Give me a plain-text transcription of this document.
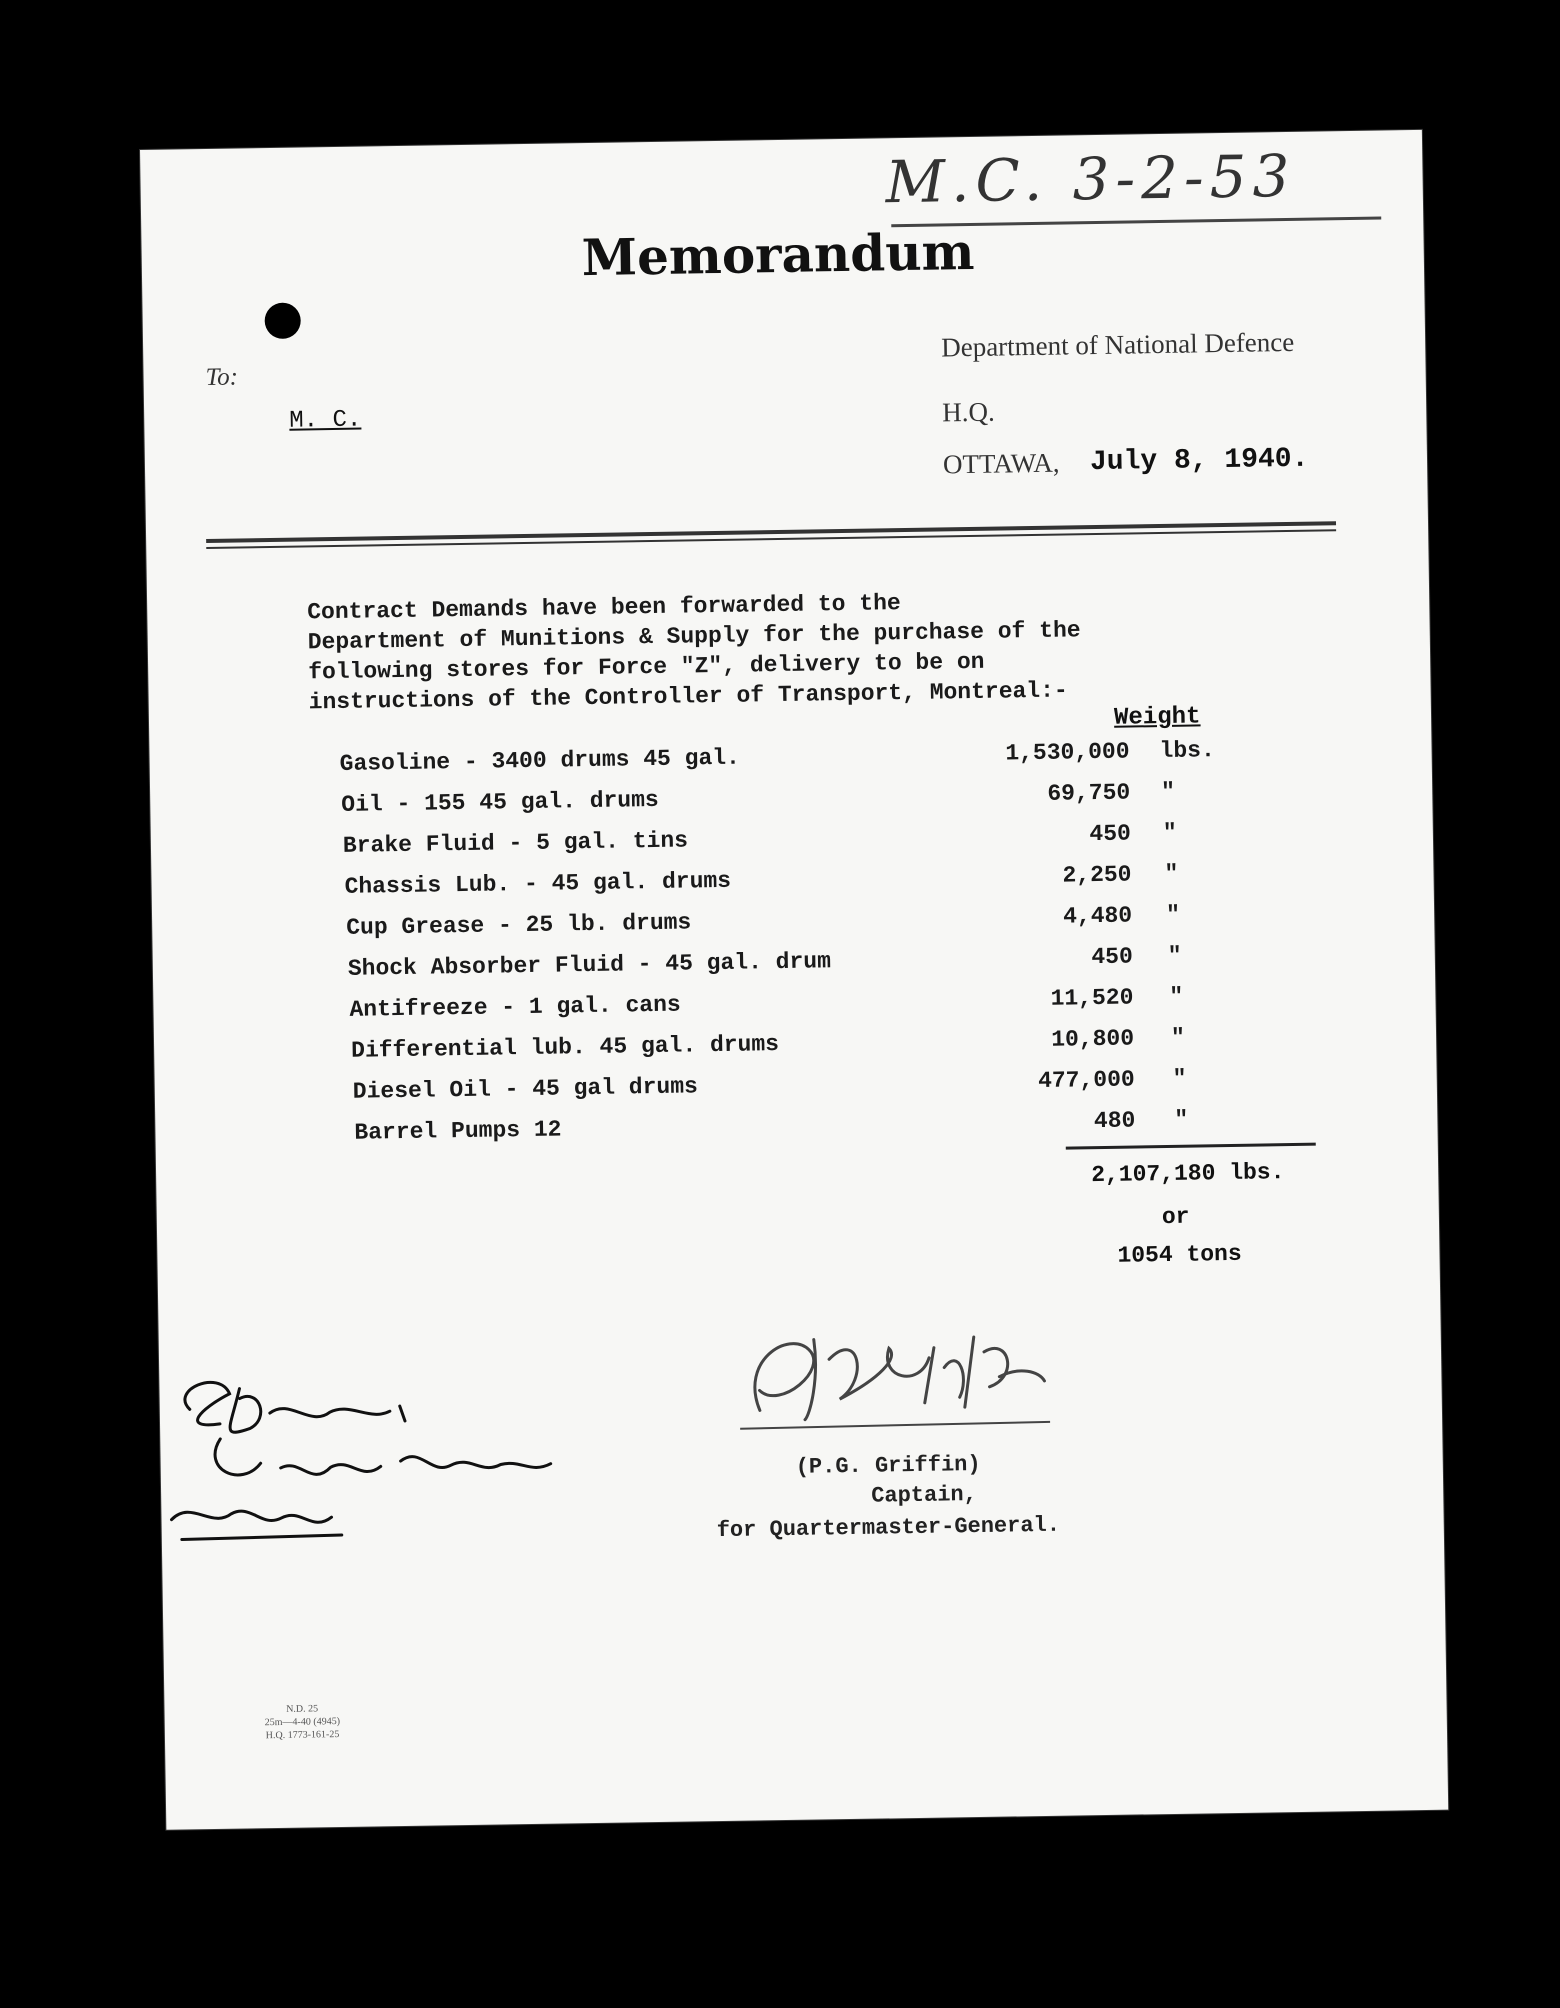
M.C. 3-2-53
Memorandum
To:
M. C.
Department of National Defence
H.Q.
OTTAWA, July 8, 1940.
Contract Demands have been forwarded to the
Department of Munitions & Supply for the purchase of the
following stores for Force "Z", delivery to be on
instructions of the Controller of Transport, Montreal:-
Weight
Gasoline - 3400 drums 45 gal.	1,530,000 lbs.
Oil - 155 45 gal. drums	69,750 "
Brake Fluid - 5 gal. tins	450 "
Chassis Lub. - 45 gal. drums	2,250 "
Cup Grease - 25 lb. drums	4,480 "
Shock Absorber Fluid - 45 gal. drum	450 "
Antifreeze - 1 gal. cans	11,520 "
Differential lub. 45 gal. drums	10,800 "
Diesel Oil - 45 gal drums	477,000 "
Barrel Pumps 12	480 "
2,107,180 lbs.
or
1054 tons
(P.G. Griffin)
Captain,
for Quartermaster-General.
N.D. 25
25m—4-40 (4945)
H.Q. 1773-161-25
